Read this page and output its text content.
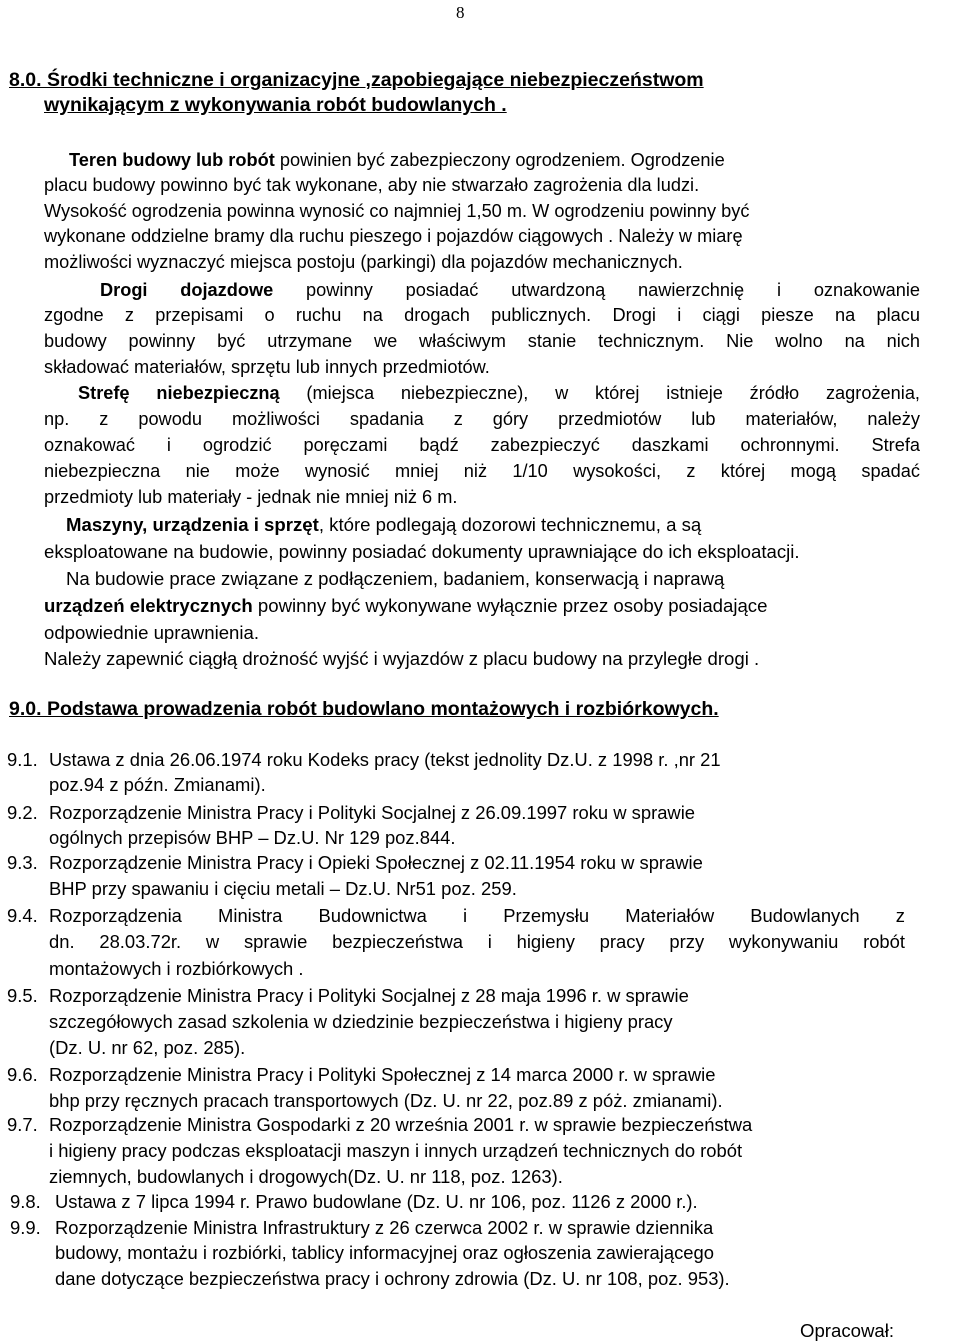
8
8.0. Środki techniczne i organizacyjne ,zapobiegające niebezpieczeństwom
wynikającym z wykonywania robót budowlanych .
Teren budowy lub robót powinien być zabezpieczony ogrodzeniem. Ogrodzenie
placu budowy powinno być tak wykonane, aby nie stwarzało zagrożenia dla ludzi.
Wysokość ogrodzenia powinna wynosić co najmniej 1,50 m. W ogrodzeniu powinny być
wykonane oddzielne bramy dla ruchu pieszego i pojazdów ciągowych . Należy w miarę
możliwości wyznaczyć miejsca postoju (parkingi) dla pojazdów mechanicznych.
Drogi dojazdowe powinny posiadać utwardzoną nawierzchnię i oznakowanie
zgodne z przepisami o ruchu na drogach publicznych. Drogi i ciągi piesze na placu
budowy powinny być utrzymane we właściwym stanie technicznym. Nie wolno na nich
składować materiałów, sprzętu lub innych przedmiotów.
Strefę niebezpieczną (miejsca niebezpieczne), w której istnieje źródło zagrożenia,
np. z powodu możliwości spadania z góry przedmiotów lub materiałów, należy
oznakować i ogrodzić poręczami bądź zabezpieczyć daszkami ochronnymi. Strefa
niebezpieczna nie może wynosić mniej niż 1/10 wysokości, z której mogą spadać
przedmioty lub materiały - jednak nie mniej niż 6 m.
Maszyny, urządzenia i sprzęt, które podlegają dozorowi technicznemu, a są
eksploatowane na budowie, powinny posiadać dokumenty uprawniające do ich eksploatacji.
Na budowie prace związane z podłączeniem, badaniem, konserwacją i naprawą
urządzeń elektrycznych powinny być wykonywane wyłącznie przez osoby posiadające
odpowiednie uprawnienia.
Należy zapewnić ciągłą drożność wyjść i wyjazdów z placu budowy na przyległe drogi .
9.0. Podstawa prowadzenia robót budowlano montażowych i rozbiórkowych.
9.1. Ustawa z dnia 26.06.1974 roku Kodeks pracy (tekst jednolity Dz.U. z 1998 r. ,nr 21
poz.94 z późn. Zmianami).
9.2. Rozporządzenie Ministra Pracy i Polityki Socjalnej z 26.09.1997 roku w sprawie
ogólnych przepisów BHP – Dz.U. Nr 129 poz.844.
9.3. Rozporządzenie Ministra Pracy i Opieki Społecznej z 02.11.1954 roku w sprawie
BHP przy spawaniu i cięciu metali – Dz.U. Nr51 poz. 259.
9.4. Rozporządzenia Ministra Budownictwa i Przemysłu Materiałów Budowlanych z
dn. 28.03.72r. w sprawie bezpieczeństwa i higieny pracy przy wykonywaniu robót
montażowych i rozbiórkowych .
9.5. Rozporządzenie Ministra Pracy i Polityki Socjalnej z 28 maja 1996 r. w sprawie
szczegółowych zasad szkolenia w dziedzinie bezpieczeństwa i higieny pracy
(Dz. U. nr 62, poz. 285).
9.6. Rozporządzenie Ministra Pracy i Polityki Społecznej z 14 marca 2000 r. w sprawie
bhp przy ręcznych pracach transportowych (Dz. U. nr 22, poz.89 z póż. zmianami).
9.7. Rozporządzenie Ministra Gospodarki z 20 września 2001 r. w sprawie bezpieczeństwa
i higieny pracy podczas eksploatacji maszyn i innych urządzeń technicznych do robót
ziemnych, budowlanych i drogowych(Dz. U. nr 118, poz. 1263).
9.8. Ustawa z 7 lipca 1994 r. Prawo budowlane (Dz. U. nr 106, poz. 1126 z 2000 r.).
9.9. Rozporządzenie Ministra Infrastruktury z 26 czerwca 2002 r. w sprawie dziennika
budowy, montażu i rozbiórki, tablicy informacyjnej oraz ogłoszenia zawierającego
dane dotyczące bezpieczeństwa pracy i ochrony zdrowia (Dz. U. nr 108, poz. 953).
Opracował:
